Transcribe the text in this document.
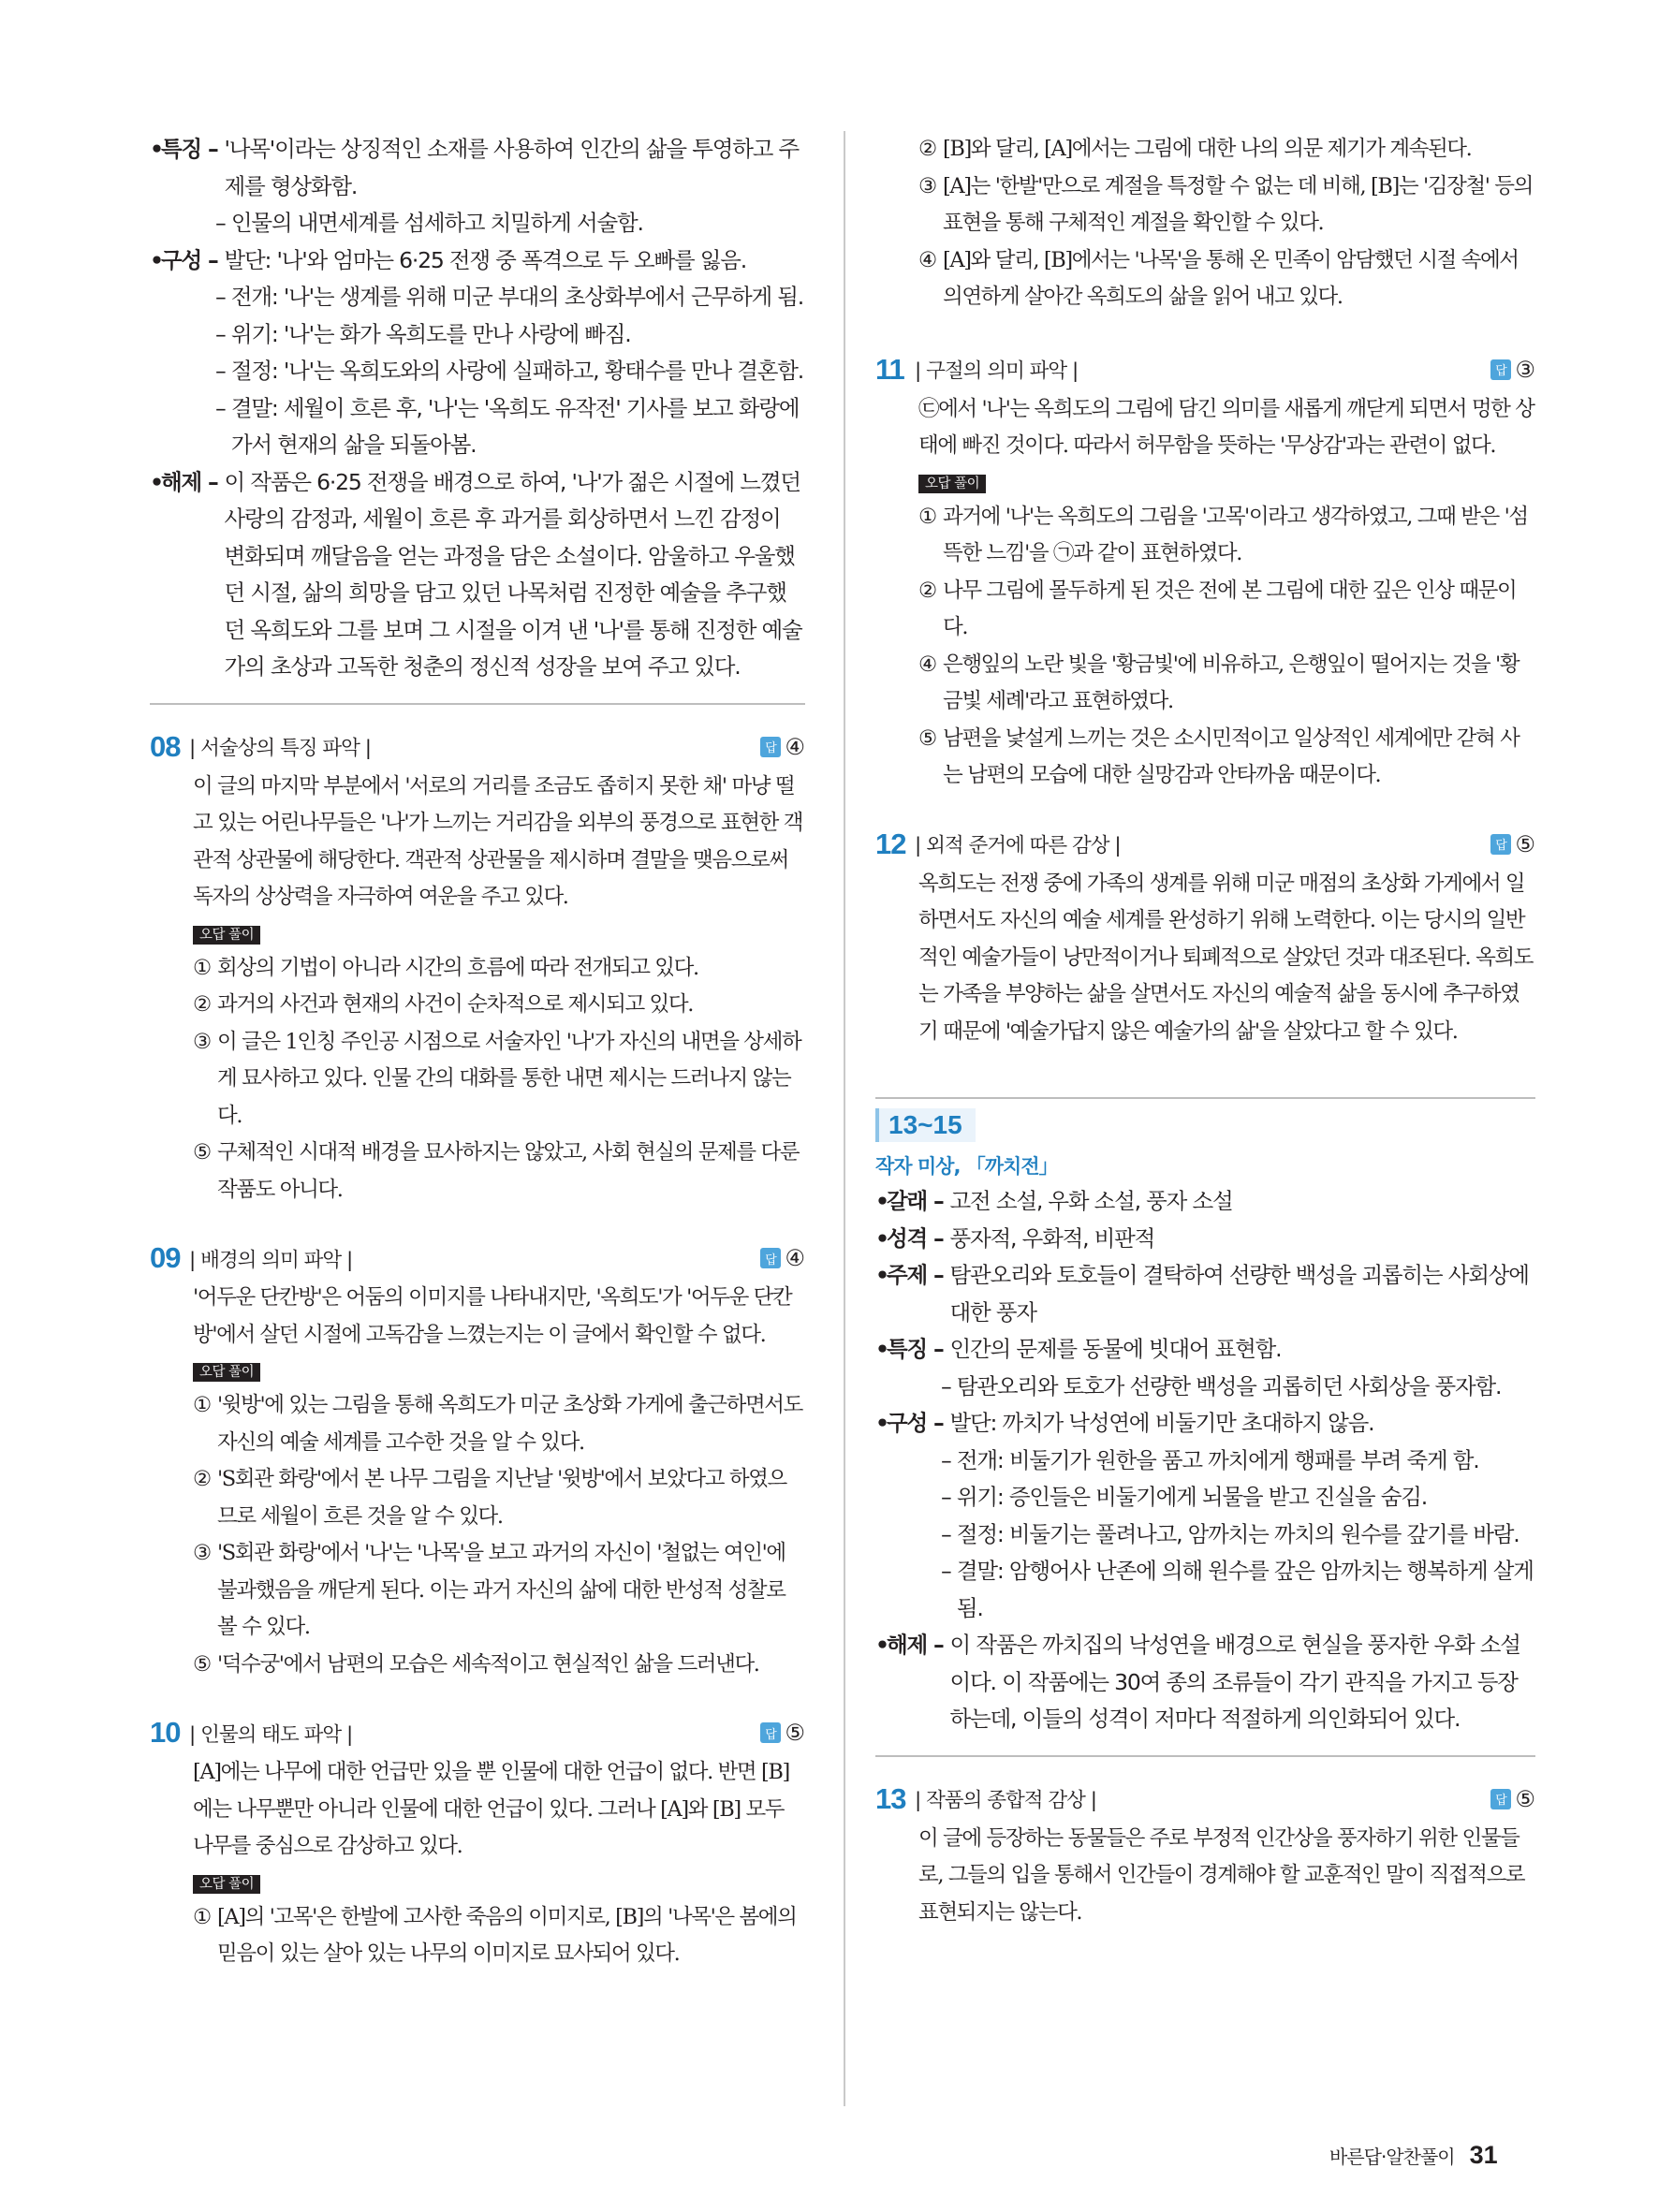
•
특징 – '나목'이라는 상징적인 소재를 사용하여 인간의 삶을 투영하고 주제를 형상화함.
–
인물의 내면세계를 섬세하고 치밀하게 서술함.
•
구성 – 발단: '나'와 엄마는 6·25 전쟁 중 폭격으로 두 오빠를 잃음.
–
전개: '나'는 생계를 위해 미군 부대의 초상화부에서 근무하게 됨.
–
위기: '나'는 화가 옥희도를 만나 사랑에 빠짐.
–
절정: '나'는 옥희도와의 사랑에 실패하고, 황태수를 만나 결혼함.
–
결말: 세월이 흐른 후, '나'는 '옥희도 유작전' 기사를 보고 화랑에 가서 현재의 삶을 되돌아봄.
•
해제 – 이 작품은 6·25 전쟁을 배경으로 하여, '나'가 젊은 시절에 느꼈던 사랑의 감정과, 세월이 흐른 후 과거를 회상하면서 느낀 감정이 변화되며 깨달음을 얻는 과정을 담은 소설이다. 암울하고 우울했던 시절, 삶의 희망을 담고 있던 나목처럼 진정한 예술을 추구했던 옥희도와 그를 보며 그 시절을 이겨 낸 '나'를 통해 진정한 예술가의 초상과 고독한 청춘의 정신적 성장을 보여 주고 있다.
08 | 서술상의 특징 파악 |	답 ④
이 글의 마지막 부분에서 '서로의 거리를 조금도 좁히지 못한 채' 마냥 떨고 있는 어린나무들은 '나'가 느끼는 거리감을 외부의 풍경으로 표현한 객관적 상관물에 해당한다. 객관적 상관물을 제시하며 결말을 맺음으로써 독자의 상상력을 자극하여 여운을 주고 있다.
오답 풀이
① 회상의 기법이 아니라 시간의 흐름에 따라 전개되고 있다.
② 과거의 사건과 현재의 사건이 순차적으로 제시되고 있다.
③ 이 글은 1인칭 주인공 시점으로 서술자인 '나'가 자신의 내면을 상세하게 묘사하고 있다. 인물 간의 대화를 통한 내면 제시는 드러나지 않는다.
⑤ 구체적인 시대적 배경을 묘사하지는 않았고, 사회 현실의 문제를 다룬 작품도 아니다.
09 | 배경의 의미 파악 |	답 ④
'어두운 단칸방'은 어둠의 이미지를 나타내지만, '옥희도'가 '어두운 단칸방'에서 살던 시절에 고독감을 느꼈는지는 이 글에서 확인할 수 없다.
오답 풀이
① '윗방'에 있는 그림을 통해 옥희도가 미군 초상화 가게에 출근하면서도 자신의 예술 세계를 고수한 것을 알 수 있다.
② 'S회관 화랑'에서 본 나무 그림을 지난날 '윗방'에서 보았다고 하였으므로 세월이 흐른 것을 알 수 있다.
③ 'S회관 화랑'에서 '나'는 '나목'을 보고 과거의 자신이 '철없는 여인'에 불과했음을 깨닫게 된다. 이는 과거 자신의 삶에 대한 반성적 성찰로 볼 수 있다.
⑤ '덕수궁'에서 남편의 모습은 세속적이고 현실적인 삶을 드러낸다.
10 | 인물의 태도 파악 |	답 ⑤
[A]에는 나무에 대한 언급만 있을 뿐 인물에 대한 언급이 없다. 반면 [B]에는 나무뿐만 아니라 인물에 대한 언급이 있다. 그러나 [A]와 [B] 모두 나무를 중심으로 감상하고 있다.
오답 풀이
① [A]의 '고목'은 한발에 고사한 죽음의 이미지로, [B]의 '나목'은 봄에의 믿음이 있는 살아 있는 나무의 이미지로 묘사되어 있다.
② [B]와 달리, [A]에서는 그림에 대한 나의 의문 제기가 계속된다.
③ [A]는 '한발'만으로 계절을 특정할 수 없는 데 비해, [B]는 '김장철' 등의 표현을 통해 구체적인 계절을 확인할 수 있다.
④ [A]와 달리, [B]에서는 '나목'을 통해 온 민족이 암담했던 시절 속에서 의연하게 살아간 옥희도의 삶을 읽어 내고 있다.
11 | 구절의 의미 파악 |	답 ③
㉢에서 '나'는 옥희도의 그림에 담긴 의미를 새롭게 깨닫게 되면서 멍한 상태에 빠진 것이다. 따라서 허무함을 뜻하는 '무상감'과는 관련이 없다.
오답 풀이
① 과거에 '나'는 옥희도의 그림을 '고목'이라고 생각하였고, 그때 받은 '섬뜩한 느낌'을 ㉠과 같이 표현하였다.
② 나무 그림에 몰두하게 된 것은 전에 본 그림에 대한 깊은 인상 때문이다.
④ 은행잎의 노란 빛을 '황금빛'에 비유하고, 은행잎이 떨어지는 것을 '황금빛 세례'라고 표현하였다.
⑤ 남편을 낯설게 느끼는 것은 소시민적이고 일상적인 세계에만 갇혀 사는 남편의 모습에 대한 실망감과 안타까움 때문이다.
12 | 외적 준거에 따른 감상 |	답 ⑤
옥희도는 전쟁 중에 가족의 생계를 위해 미군 매점의 초상화 가게에서 일하면서도 자신의 예술 세계를 완성하기 위해 노력한다. 이는 당시의 일반적인 예술가들이 낭만적이거나 퇴폐적으로 살았던 것과 대조된다. 옥희도는 가족을 부양하는 삶을 살면서도 자신의 예술적 삶을 동시에 추구하였기 때문에 '예술가답지 않은 예술가의 삶'을 살았다고 할 수 있다.
13~15
작자 미상, 「까치전」
•
갈래 – 고전 소설, 우화 소설, 풍자 소설
•
성격 – 풍자적, 우화적, 비판적
•
주제 – 탐관오리와 토호들이 결탁하여 선량한 백성을 괴롭히는 사회상에 대한 풍자
•
특징 – 인간의 문제를 동물에 빗대어 표현함.
–
탐관오리와 토호가 선량한 백성을 괴롭히던 사회상을 풍자함.
•
구성 – 발단: 까치가 낙성연에 비둘기만 초대하지 않음.
–
전개: 비둘기가 원한을 품고 까치에게 행패를 부려 죽게 함.
–
위기: 증인들은 비둘기에게 뇌물을 받고 진실을 숨김.
–
절정: 비둘기는 풀려나고, 암까치는 까치의 원수를 갚기를 바람.
–
결말: 암행어사 난존에 의해 원수를 갚은 암까치는 행복하게 살게 됨.
•
해제 – 이 작품은 까치집의 낙성연을 배경으로 현실을 풍자한 우화 소설이다. 이 작품에는 30여 종의 조류들이 각기 관직을 가지고 등장하는데, 이들의 성격이 저마다 적절하게 의인화되어 있다.
13 | 작품의 종합적 감상 |	답 ⑤
이 글에 등장하는 동물들은 주로 부정적 인간상을 풍자하기 위한 인물들로, 그들의 입을 통해서 인간들이 경계해야 할 교훈적인 말이 직접적으로 표현되지는 않는다.
바른답·알찬풀이 31
